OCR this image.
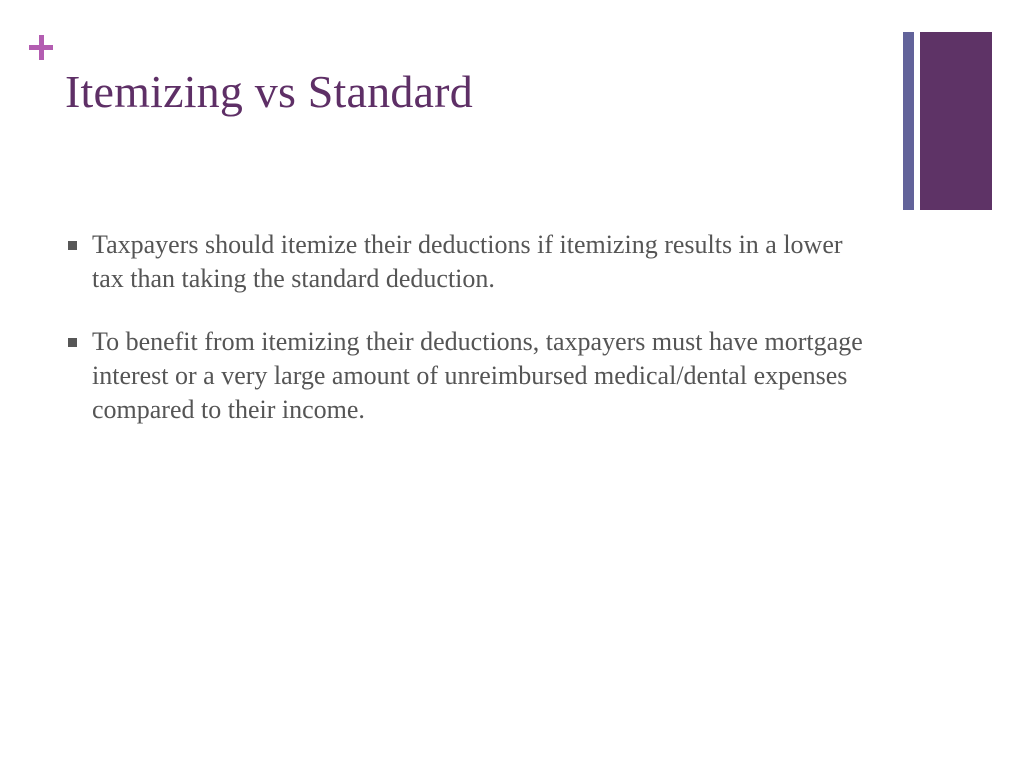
Itemizing vs Standard
Taxpayers should itemize their deductions if itemizing results in a lower tax than taking the standard deduction.
To benefit from itemizing their deductions, taxpayers must have mortgage interest or a very large amount of unreimbursed medical/dental expenses compared to their income.
